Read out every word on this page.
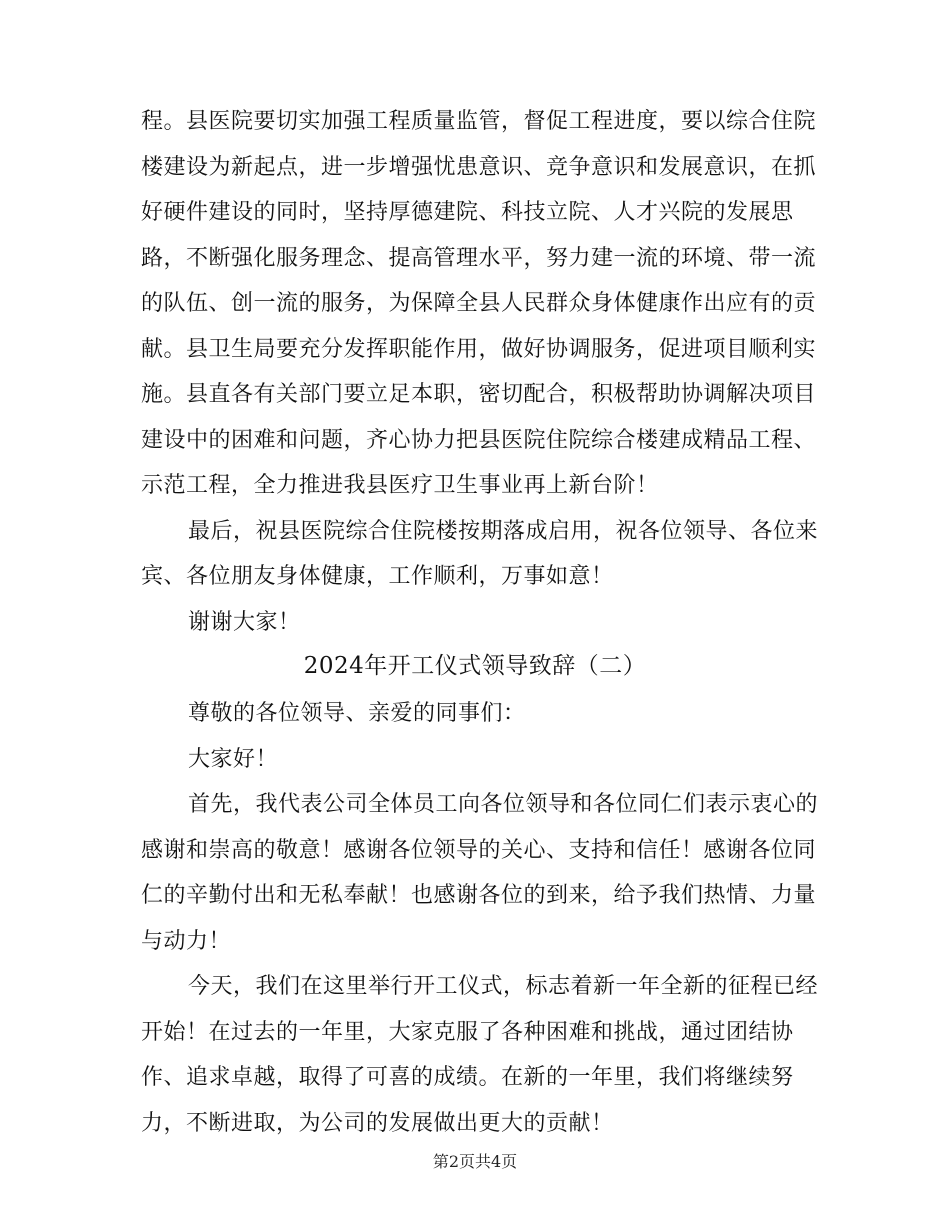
程。县医院要切实加强工程质量监管，督促工程进度，要以综合住院
楼建设为新起点，进一步增强忧患意识、竞争意识和发展意识，在抓
好硬件建设的同时，坚持厚德建院、科技立院、人才兴院的发展思
路，不断强化服务理念、提高管理水平，努力建一流的环境、带一流
的队伍、创一流的服务，为保障全县人民群众身体健康作出应有的贡
献。县卫生局要充分发挥职能作用，做好协调服务，促进项目顺利实
施。县直各有关部门要立足本职，密切配合，积极帮助协调解决项目
建设中的困难和问题，齐心协力把县医院住院综合楼建成精品工程、
示范工程，全力推进我县医疗卫生事业再上新台阶！
最后，祝县医院综合住院楼按期落成启用，祝各位领导、各位来
宾、各位朋友身体健康，工作顺利，万事如意！
谢谢大家！
2024年开工仪式领导致辞（二）
尊敬的各位领导、亲爱的同事们：
大家好！
首先，我代表公司全体员工向各位领导和各位同仁们表示衷心的
感谢和崇高的敬意！感谢各位领导的关心、支持和信任！感谢各位同
仁的辛勤付出和无私奉献！也感谢各位的到来，给予我们热情、力量
与动力！
今天，我们在这里举行开工仪式，标志着新一年全新的征程已经
开始！在过去的一年里，大家克服了各种困难和挑战，通过团结协
作、追求卓越，取得了可喜的成绩。在新的一年里，我们将继续努
力，不断进取，为公司的发展做出更大的贡献！
第2页共4页
